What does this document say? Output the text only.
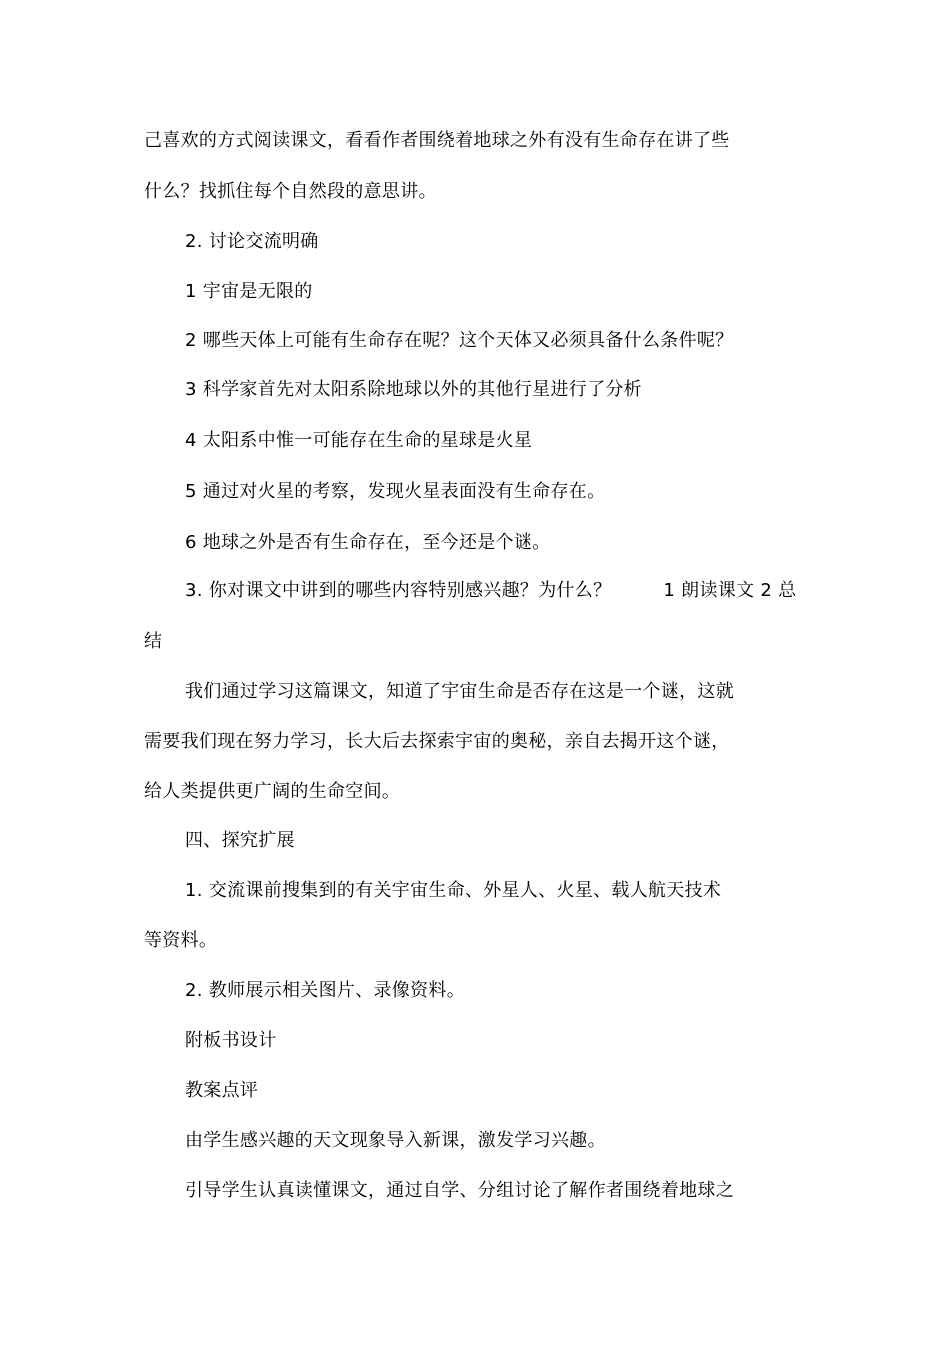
己喜欢的方式阅读课文，看看作者围绕着地球之外有没有生命存在讲了些
什么？找抓住每个自然段的意思讲。
2. 讨论交流明确
1 宇宙是无限的
2 哪些天体上可能有生命存在呢？这个天体又必须具备什么条件呢？
3 科学家首先对太阳系除地球以外的其他行星进行了分析
4 太阳系中惟一可能存在生命的星球是火星
5 通过对火星的考察，发现火星表面没有生命存在。
6 地球之外是否有生命存在，至今还是个谜。
3. 你对课文中讲到的哪些内容特别感兴趣？为什么？	1 朗读课文 2 总
结
我们通过学习这篇课文，知道了宇宙生命是否存在这是一个谜，这就
需要我们现在努力学习，长大后去探索宇宙的奥秘，亲自去揭开这个谜，
给人类提供更广阔的生命空间。
四、探究扩展
1. 交流课前搜集到的有关宇宙生命、外星人、火星、载人航天技术
等资料。
2. 教师展示相关图片、录像资料。
附板书设计
教案点评
由学生感兴趣的天文现象导入新课，激发学习兴趣。
引导学生认真读懂课文，通过自学、分组讨论了解作者围绕着地球之
